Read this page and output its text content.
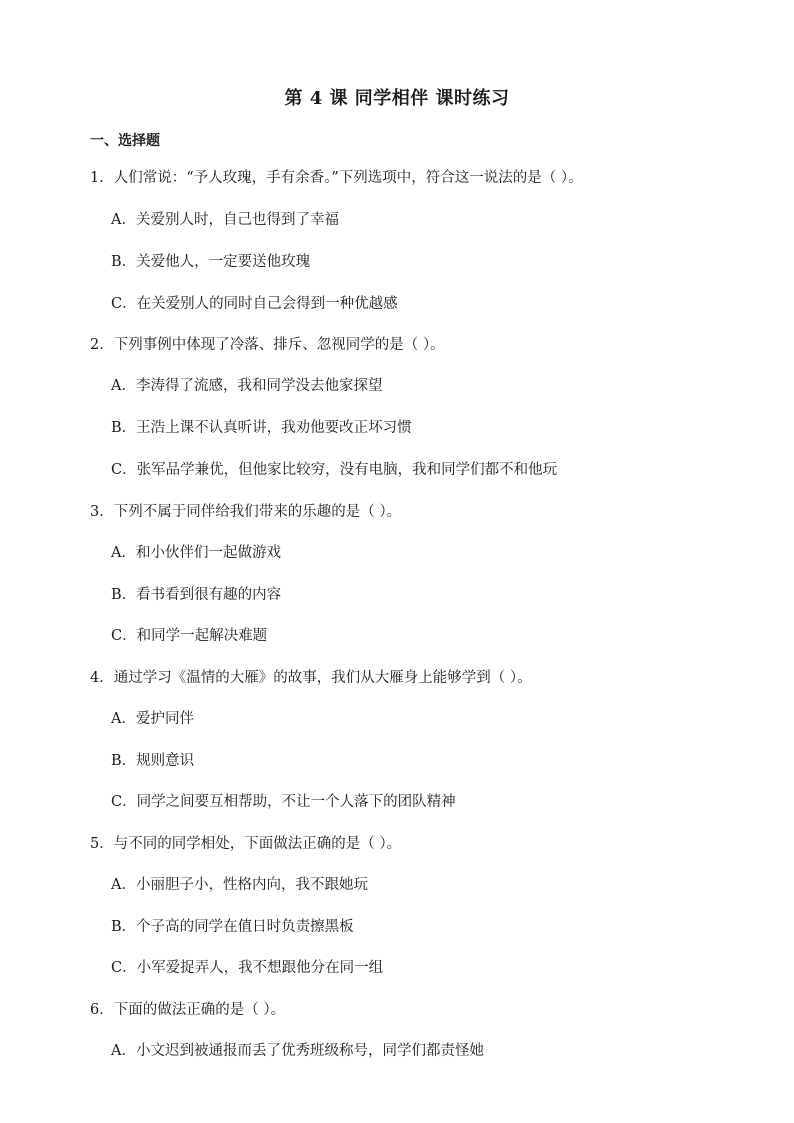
第 4 课 同学相伴 课时练习
一、选择题
1．人们常说：“予人玫瑰，手有余香。”下列选项中，符合这一说法的是（ ）。
A．关爱别人时，自己也得到了幸福
B．关爱他人，一定要送他玫瑰
C．在关爱别人的同时自己会得到一种优越感
2．下列事例中体现了冷落、排斥、忽视同学的是（ ）。
A．李涛得了流感，我和同学没去他家探望
B．王浩上课不认真听讲，我劝他要改正坏习惯
C．张军品学兼优，但他家比较穷，没有电脑，我和同学们都不和他玩
3．下列不属于同伴给我们带来的乐趣的是（ ）。
A．和小伙伴们一起做游戏
B．看书看到很有趣的内容
C．和同学一起解决难题
4．通过学习《温情的大雁》的故事，我们从大雁身上能够学到（ ）。
A．爱护同伴
B．规则意识
C．同学之间要互相帮助，不让一个人落下的团队精神
5．与不同的同学相处，下面做法正确的是（ ）。
A．小丽胆子小，性格内向，我不跟她玩
B．个子高的同学在值日时负责擦黑板
C．小军爱捉弄人，我不想跟他分在同一组
6．下面的做法正确的是（ ）。
A．小文迟到被通报而丢了优秀班级称号，同学们都责怪她
